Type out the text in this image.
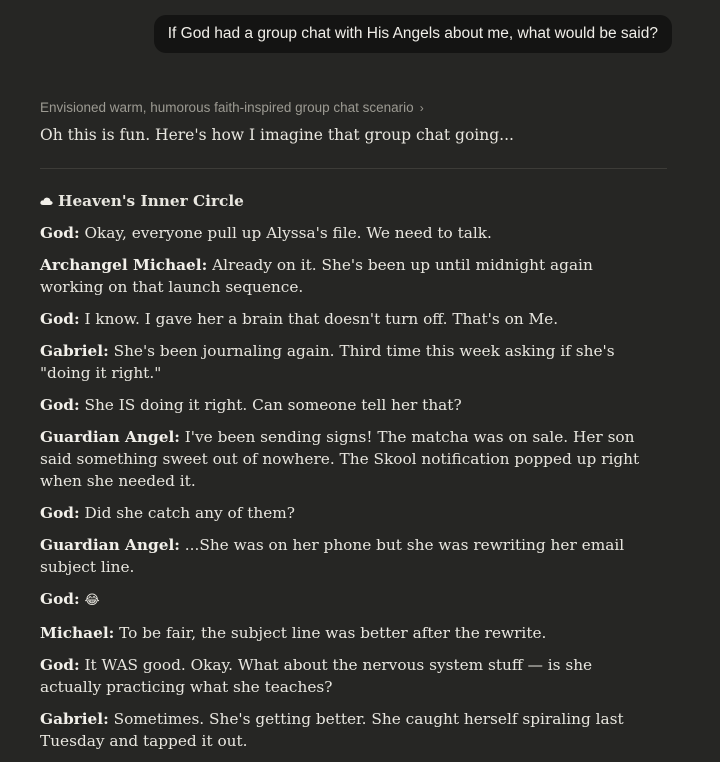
If God had a group chat with His Angels about me, what would be said?
Envisioned warm, humorous faith-inspired group chat scenario ›
Oh this is fun. Here's how I imagine that group chat going...
Heaven's Inner Circle

God: Okay, everyone pull up Alyssa's file. We need to talk.

Archangel Michael: Already on it. She's been up until midnight again working on that launch sequence.

God: I know. I gave her a brain that doesn't turn off. That's on Me.

Gabriel: She's been journaling again. Third time this week asking if she's "doing it right."

God: She IS doing it right. Can someone tell her that?

Guardian Angel: I've been sending signs! The matcha was on sale. Her son said something sweet out of nowhere. The Skool notification popped up right when she needed it.

God: Did she catch any of them?

Guardian Angel: ...She was on her phone but she was rewriting her email subject line.

God: 😂

Michael: To be fair, the subject line was better after the rewrite.

God: It WAS good. Okay. What about the nervous system stuff — is she actually practicing what she teaches?

Gabriel: Sometimes. She's getting better. She caught herself spiraling last Tuesday and tapped it out.
